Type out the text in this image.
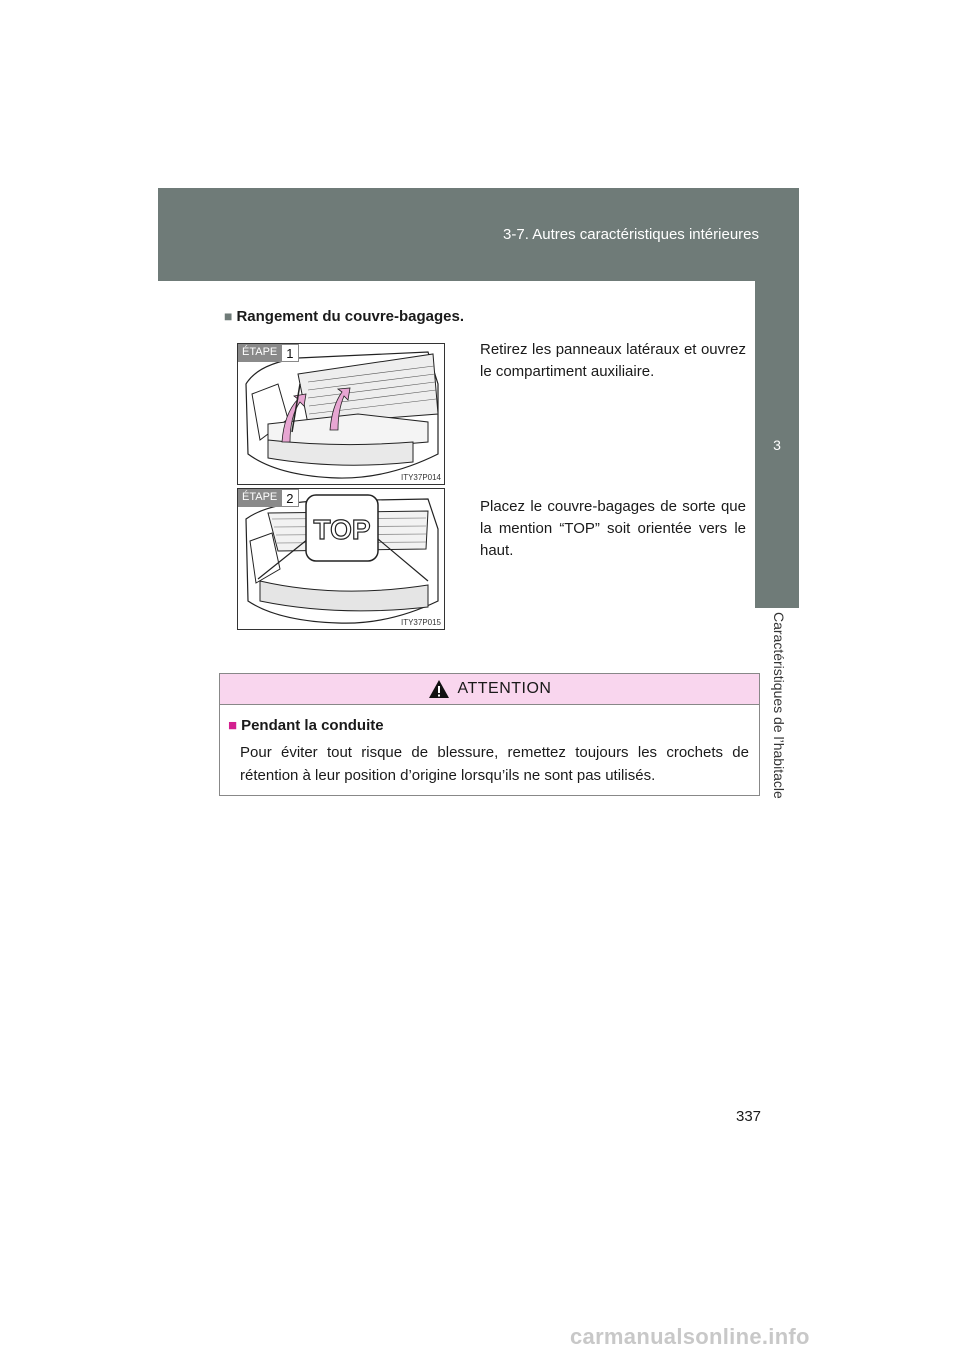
3-7. Autres caractéristiques intérieures
3
Caractéristiques de l’habitacle
■ Rangement du couvre-bagages.
ÉTAPE 1
ITY37P014
Retirez les panneaux latéraux et ouvrez le compartiment auxiliaire.
TOP
ÉTAPE 2
ITY37P015
Placez le couvre-bagages de sorte que la mention “TOP” soit orientée vers le haut.
ATTENTION
■ Pendant la conduite
Pour éviter tout risque de blessure, remettez toujours les crochets de rétention à leur position d’origine lorsqu’ils ne sont pas utilisés.
337
carmanualsonline.info
